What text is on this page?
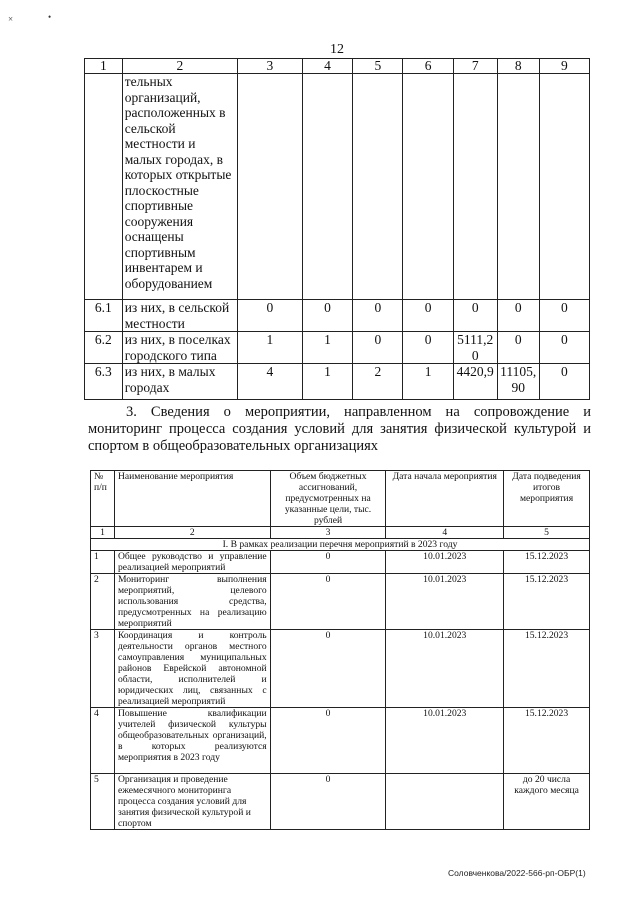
×	•
12
1	2	3	4	5	6	7	8	9
	тельных организаций, расположенных в сельской местности и малых городах, в которых открытые плоскостные спортивные сооружения оснащены спортивным инвентарем и оборудованием							
6.1	из них, в сельской местности	0	0	0	0	0	0	0
6.2	из них, в поселках городского типа	1	1	0	0	5111,20	0	0
6.3	из них, в малых городах	4	1	2	1	4420,9	11105,90	0
3. Сведения о мероприятии, направленном на сопровождение и мониторинг процесса создания условий для занятия физической культурой и спортом в общеобразовательных организациях
№ п/п	Наименование мероприятия	Объем бюджетных ассигнований, предусмотренных на указанные цели, тыс. рублей	Дата начала мероприятия	Дата подведения итогов мероприятия
1	2	3	4	5
I. В рамках реализации перечня мероприятий в 2023 году				
1	Общее руководство и управление реализацией мероприятий	0	10.01.2023	15.12.2023
2	Мониторинг выполнения мероприятий, целевого использования средства, предусмотренных на реализацию мероприятий	0	10.01.2023	15.12.2023
3	Координация и контроль деятельности органов местного самоуправления муниципальных районов Еврейской автономной области, исполнителей и юридических лиц, связанных с реализацией мероприятий	0	10.01.2023	15.12.2023
4	Повышение квалификации учителей физической культуры общеобразовательных организаций, в которых реализуются мероприятия в 2023 году	0	10.01.2023	15.12.2023
5	Организация и проведение ежемесячного мониторинга процесса создания условий для занятия физической культурой и спортом	0		до 20 числа каждого месяца
Соловченкова/2022-566-рп-ОБР(1)
